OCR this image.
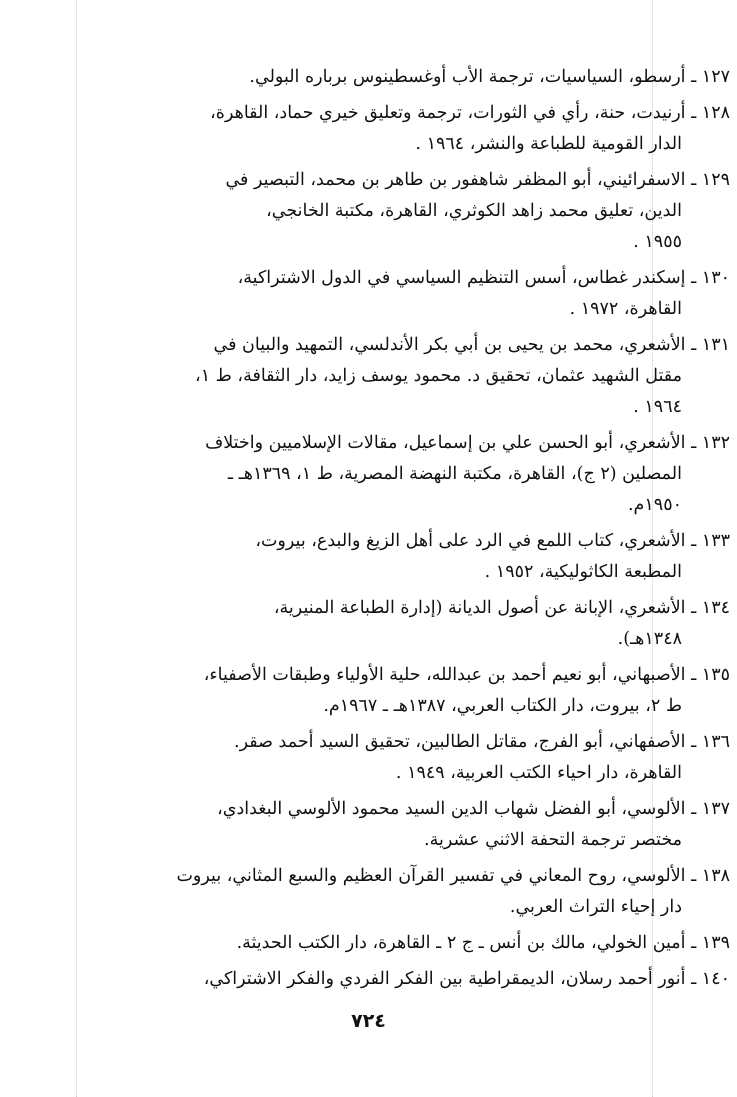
١٢٧ ـ أرسطو، السياسيات، ترجمة الأب أوغسطينوس برباره البولي.

١٢٨ ـ أرنيدت، حنة، رأي في الثورات، ترجمة وتعليق خيري حماد، القاهرة،
الدار القومية للطباعة والنشر، ١٩٦٤ .

١٢٩ ـ الاسفرائيني، أبو المظفر شاهفور بن طاهر بن محمد، التبصير في
الدين، تعليق محمد زاهد الكوثري، القاهرة، مكتبة الخانجي،
١٩٥٥ .

١٣٠ ـ إسكندر غطاس، أسس التنظيم السياسي في الدول الاشتراكية،
القاهرة، ١٩٧٢ .

١٣١ ـ الأشعري، محمد بن يحيى بن أبي بكر الأندلسي، التمهيد والبيان في
مقتل الشهيد عثمان، تحقيق د. محمود يوسف زايد، دار الثقافة، ط ١،
١٩٦٤ .

١٣٢ ـ الأشعري، أبو الحسن علي بن إسماعيل، مقالات الإسلاميين واختلاف
المصلين (٢ ج)، القاهرة، مكتبة النهضة المصرية، ط ١، ١٣٦٩هـ ـ
١٩٥٠م.

١٣٣ ـ الأشعري، كتاب اللمع في الرد على أهل الزيغ والبدع، بيروت،
المطبعة الكاثوليكية، ١٩٥٢ .

١٣٤ ـ الأشعري، الإبانة عن أصول الديانة (إدارة الطباعة المنيرية،
١٣٤٨هـ).

١٣٥ ـ الأصبهاني، أبو نعيم أحمد بن عبدالله، حلية الأولياء وطبقات الأصفياء،
ط ٢، بيروت، دار الكتاب العربي، ١٣٨٧هـ ـ ١٩٦٧م.

١٣٦ ـ الأصفهاني، أبو الفرج، مقاتل الطالبين، تحقيق السيد أحمد صقر.
القاهرة، دار احياء الكتب العربية، ١٩٤٩ .

١٣٧ ـ الألوسي، أبو الفضل شهاب الدين السيد محمود الألوسي البغدادي،
مختصر ترجمة التحفة الاثني عشرية.

١٣٨ ـ الألوسي، روح المعاني في تفسير القرآن العظيم والسبع المثاني، بيروت
دار إحياء التراث العربي.

١٣٩ ـ أمين الخولي، مالك بن أنس ـ ج ٢ ـ القاهرة، دار الكتب الحديثة.

١٤٠ ـ أنور أحمد رسلان، الديمقراطية بين الفكر الفردي والفكر الاشتراكي،

٧٢٤
